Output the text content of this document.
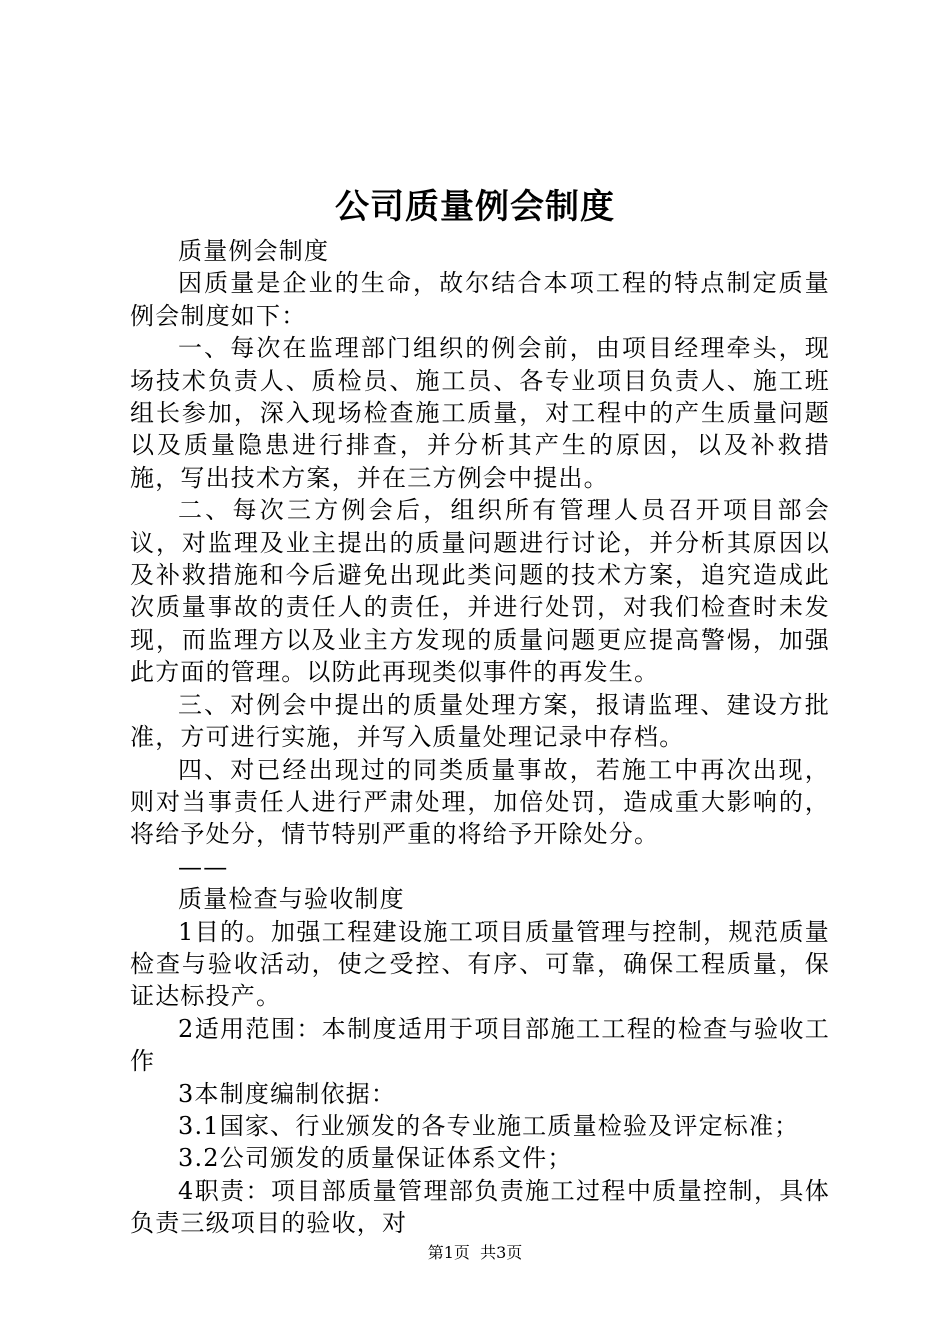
公司质量例会制度

质量例会制度

因质量是企业的生命，故尔结合本项工程的特点制定质量例会制度如下：

一、每次在监理部门组织的例会前，由项目经理牵头，现场技术负责人、质检员、施工员、各专业项目负责人、施工班组长参加，深入现场检查施工质量，对工程中的产生质量问题以及质量隐患进行排查，并分析其产生的原因，以及补救措施，写出技术方案，并在三方例会中提出。

二、每次三方例会后，组织所有管理人员召开项目部会议，对监理及业主提出的质量问题进行讨论，并分析其原因以及补救措施和今后避免出现此类问题的技术方案，追究造成此次质量事故的责任人的责任，并进行处罚，对我们检查时未发现，而监理方以及业主方发现的质量问题更应提高警惕，加强此方面的管理。以防此再现类似事件的再发生。

三、对例会中提出的质量处理方案，报请监理、建设方批准，方可进行实施，并写入质量处理记录中存档。

四、对已经出现过的同类质量事故，若施工中再次出现，则对当事责任人进行严肃处理，加倍处罚，造成重大影响的，将给予处分，情节特别严重的将给予开除处分。

——

质量检查与验收制度

1目的。加强工程建设施工项目质量管理与控制，规范质量检查与验收活动，使之受控、有序、可靠，确保工程质量，保证达标投产。

2适用范围：本制度适用于项目部施工工程的检查与验收工作

3本制度编制依据：

3.1国家、行业颁发的各专业施工质量检验及评定标准；

3.2公司颁发的质量保证体系文件；

4职责：项目部质量管理部负责施工过程中质量控制，具体负责三级项目的验收，对

第1页 共3页
